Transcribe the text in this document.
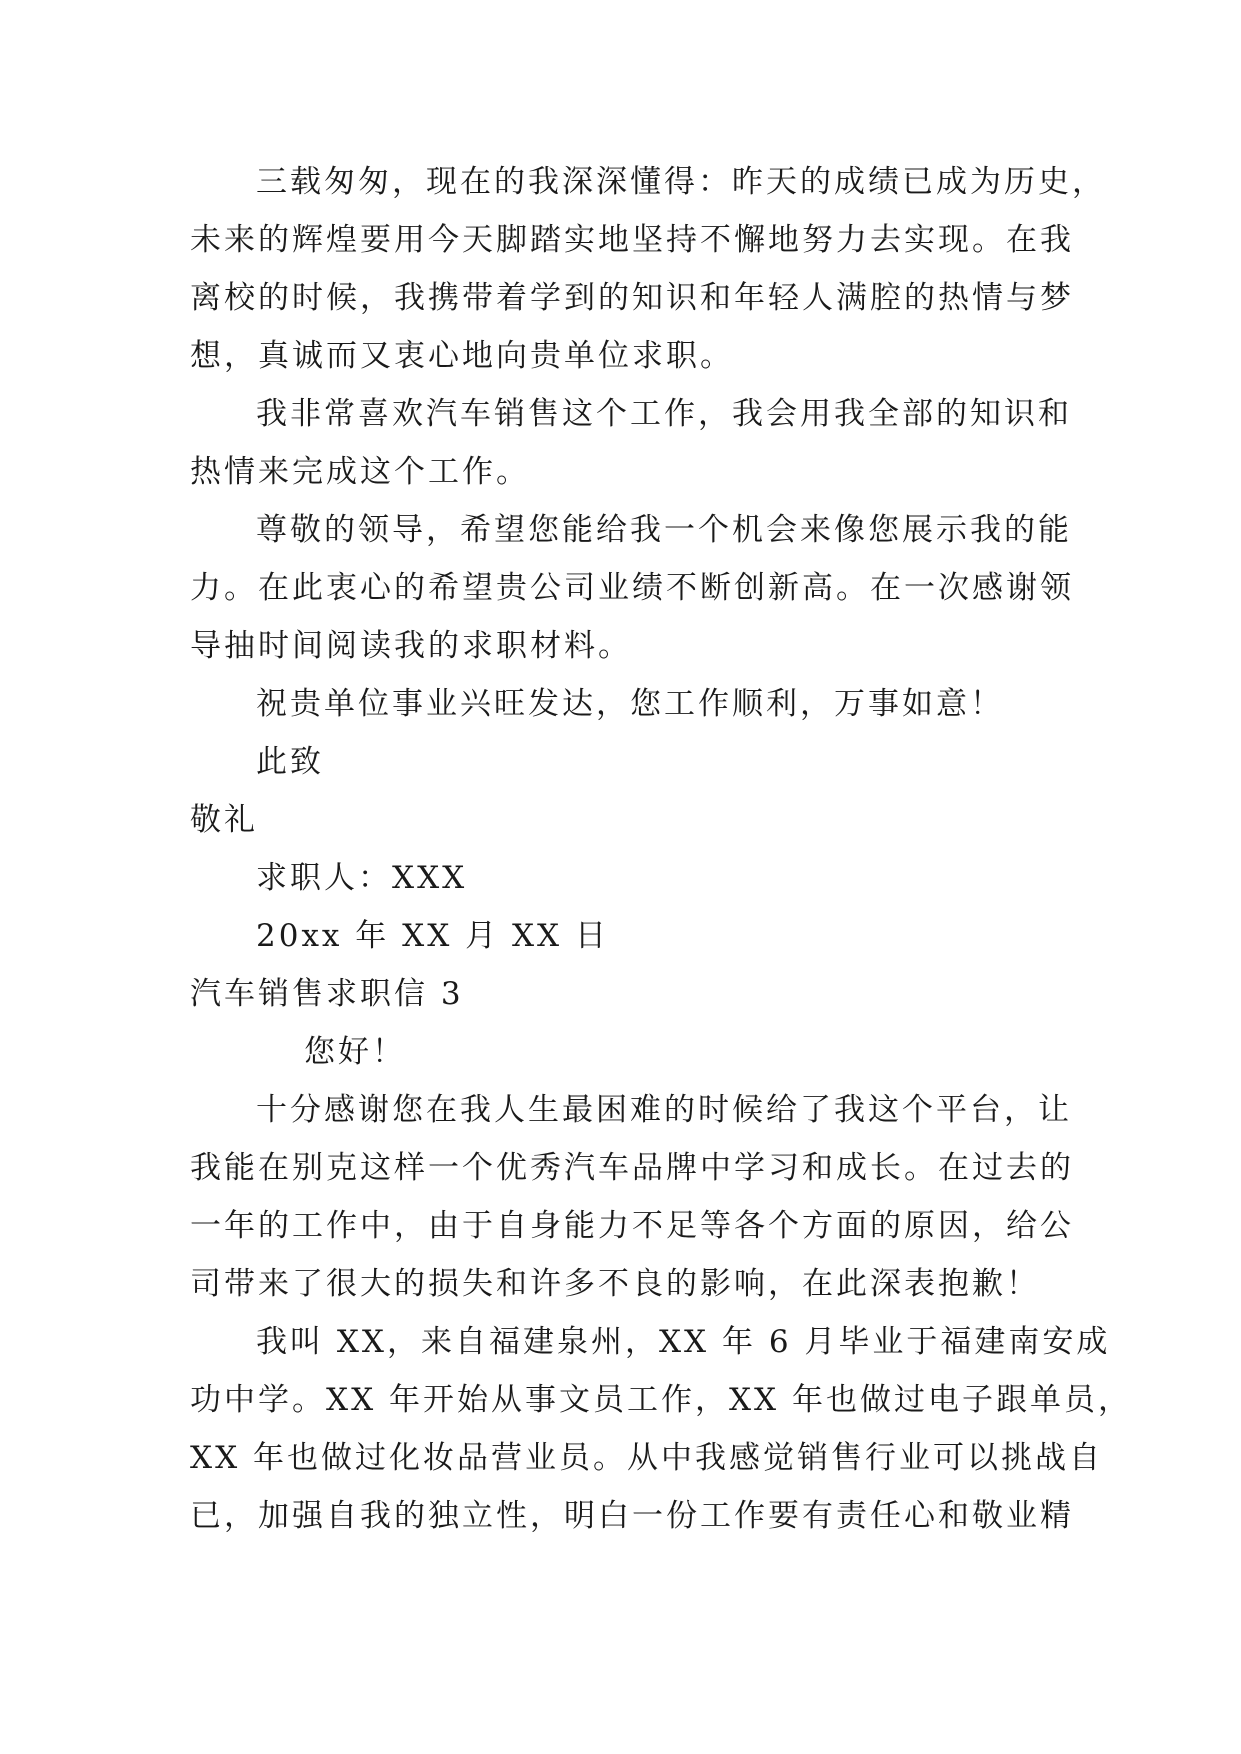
三载匆匆，现在的我深深懂得：昨天的成绩已成为历史，

未来的辉煌要用今天脚踏实地坚持不懈地努力去实现。在我

离校的时候，我携带着学到的知识和年轻人满腔的热情与梦

想，真诚而又衷心地向贵单位求职。

我非常喜欢汽车销售这个工作，我会用我全部的知识和

热情来完成这个工作。

尊敬的领导，希望您能给我一个机会来像您展示我的能

力。在此衷心的希望贵公司业绩不断创新高。在一次感谢领

导抽时间阅读我的求职材料。

祝贵单位事业兴旺发达，您工作顺利，万事如意！

此致

敬礼

求职人：XXX

20xx 年 XX 月 XX 日

汽车销售求职信 3

您好！

十分感谢您在我人生最困难的时候给了我这个平台，让

我能在别克这样一个优秀汽车品牌中学习和成长。在过去的

一年的工作中，由于自身能力不足等各个方面的原因，给公

司带来了很大的损失和许多不良的影响，在此深表抱歉！

我叫 XX，来自福建泉州，XX 年 6 月毕业于福建南安成

功中学。XX 年开始从事文员工作，XX 年也做过电子跟单员，

XX 年也做过化妆品营业员。从中我感觉销售行业可以挑战自

已，加强自我的独立性，明白一份工作要有责任心和敬业精
